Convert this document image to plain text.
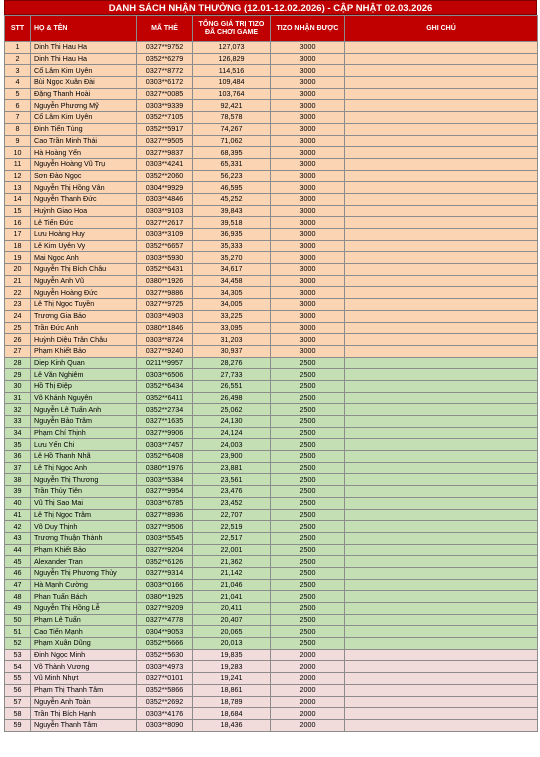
DANH SÁCH NHẬN THƯỞNG (12.01-12.02.2026) - CẬP NHẬT 02.03.2026
STT	HỌ & TÊN	MÃ THẺ	TỔNG GIÁ TRỊ TIZO
ĐÃ CHƠI GAME	TIZO NHẬN ĐƯỢC	GHI CHÚ
1	Dinh Thi Hau Ha	0327**9752	127,073	3000	
2	Dinh Thi Hau Ha	0352**6279	126,829	3000	
3	Cổ Lâm Kim Uyên	0327**8772	114,516	3000	
4	Bùi Ngọc Xuân Đài	0303**6172	109,484	3000	
5	Đặng Thanh Hoài	0327**0085	103,764	3000	
6	Nguyễn Phương Mỹ	0303**9339	92,421	3000	
7	Cổ Lâm Kim Uyên	0352**7105	78,578	3000	
8	Đinh Tiến Tùng	0352**5917	74,267	3000	
9	Cao Trần Minh Thái	0327**9505	71,062	3000	
10	Hà Hoàng Yến	0327**9837	68,395	3000	
11	Nguyễn Hoàng Vũ Trụ	0303**4241	65,331	3000	
12	Sơn Đào Ngọc	0352**2060	56,223	3000	
13	Nguyễn Thị Hồng Vân	0304**9929	46,595	3000	
14	Nguyễn Thanh Đức	0303**4846	45,252	3000	
15	Huỳnh Giao Hoa	0303**9103	39,843	3000	
16	Lê Tiến Đức	0327**2617	39,518	3000	
17	Lưu Hoàng Huy	0303**3109	36,935	3000	
18	Lê Kim Uyên Vy	0352**6657	35,333	3000	
19	Mai Ngọc Anh	0303**5930	35,270	3000	
20	Nguyễn Thị Bích Châu	0352**6431	34,617	3000	
21	Nguyễn Anh Vũ	0380**1926	34,458	3000	
22	Nguyễn Hoàng Đức	0327**9886	34,305	3000	
23	Lê Thị Ngọc Tuyền	0327**9725	34,005	3000	
24	Trương Gia Bảo	0303**4903	33,225	3000	
25	Trần Đức Anh	0380**1846	33,095	3000	
26	Huỳnh Diệu Trân Châu	0303**8724	31,203	3000	
27	Phạm Khiết Bảo	0327**9240	30,937	3000	
28	Diep Kinh Quan	0211**9957	28,276	2500	
29	Lê Văn Nghiêm	0303**6506	27,733	2500	
30	Hồ Thị Điệp	0352**6434	26,551	2500	
31	Võ Khánh Nguyên	0352**6411	26,498	2500	
32	Nguyễn Lê Tuấn Anh	0352**2734	25,062	2500	
33	Nguyễn Bảo Trâm	0327**1635	24,130	2500	
34	Phạm Chí Thịnh	0327**9906	24,124	2500	
35	Lưu Yến Chi	0303**7457	24,003	2500	
36	Lê Hồ Thanh Nhã	0352**6408	23,900	2500	
37	Lê Thị Ngọc Anh	0380**1976	23,881	2500	
38	Nguyễn Thị Thương	0303**5384	23,561	2500	
39	Trần Thủy Tiên	0327**9954	23,476	2500	
40	Vũ Thị Sao Mai	0303**6785	23,452	2500	
41	Lê Thị Ngọc Trâm	0327**8936	22,707	2500	
42	Võ Duy Thịnh	0327**9506	22,519	2500	
43	Trương Thuận Thành	0303**5545	22,517	2500	
44	Phạm Khiết Bảo	0327**9204	22,001	2500	
45	Alexander Tran	0352**6126	21,362	2500	
46	Nguyễn Thị Phương Thủy	0327**9314	21,142	2500	
47	Hà Mạnh Cường	0303**0166	21,046	2500	
48	Phan Tuấn Bách	0380**1925	21,041	2500	
49	Nguyễn Thị Hồng Lễ	0327**9209	20,411	2500	
50	Phạm Lê Tuấn	0327**4778	20,407	2500	
51	Cao Tiến Mạnh	0304**9053	20,065	2500	
52	Phạm Xuân Dũng	0352**5666	20,013	2500	
53	Đinh Ngọc Minh	0352**5630	19,835	2000	
54	Võ Thành Vương	0303**4973	19,283	2000	
55	Vũ Minh Nhựt	0327**0101	19,241	2000	
56	Phạm Thị Thanh Tâm	0352**5866	18,861	2000	
57	Nguyễn Anh Toàn	0352**2692	18,789	2000	
58	Trần Thị Bích Hạnh	0303**4176	18,684	2000	
59	Nguyễn Thanh Tâm	0303**8090	18,436	2000	
